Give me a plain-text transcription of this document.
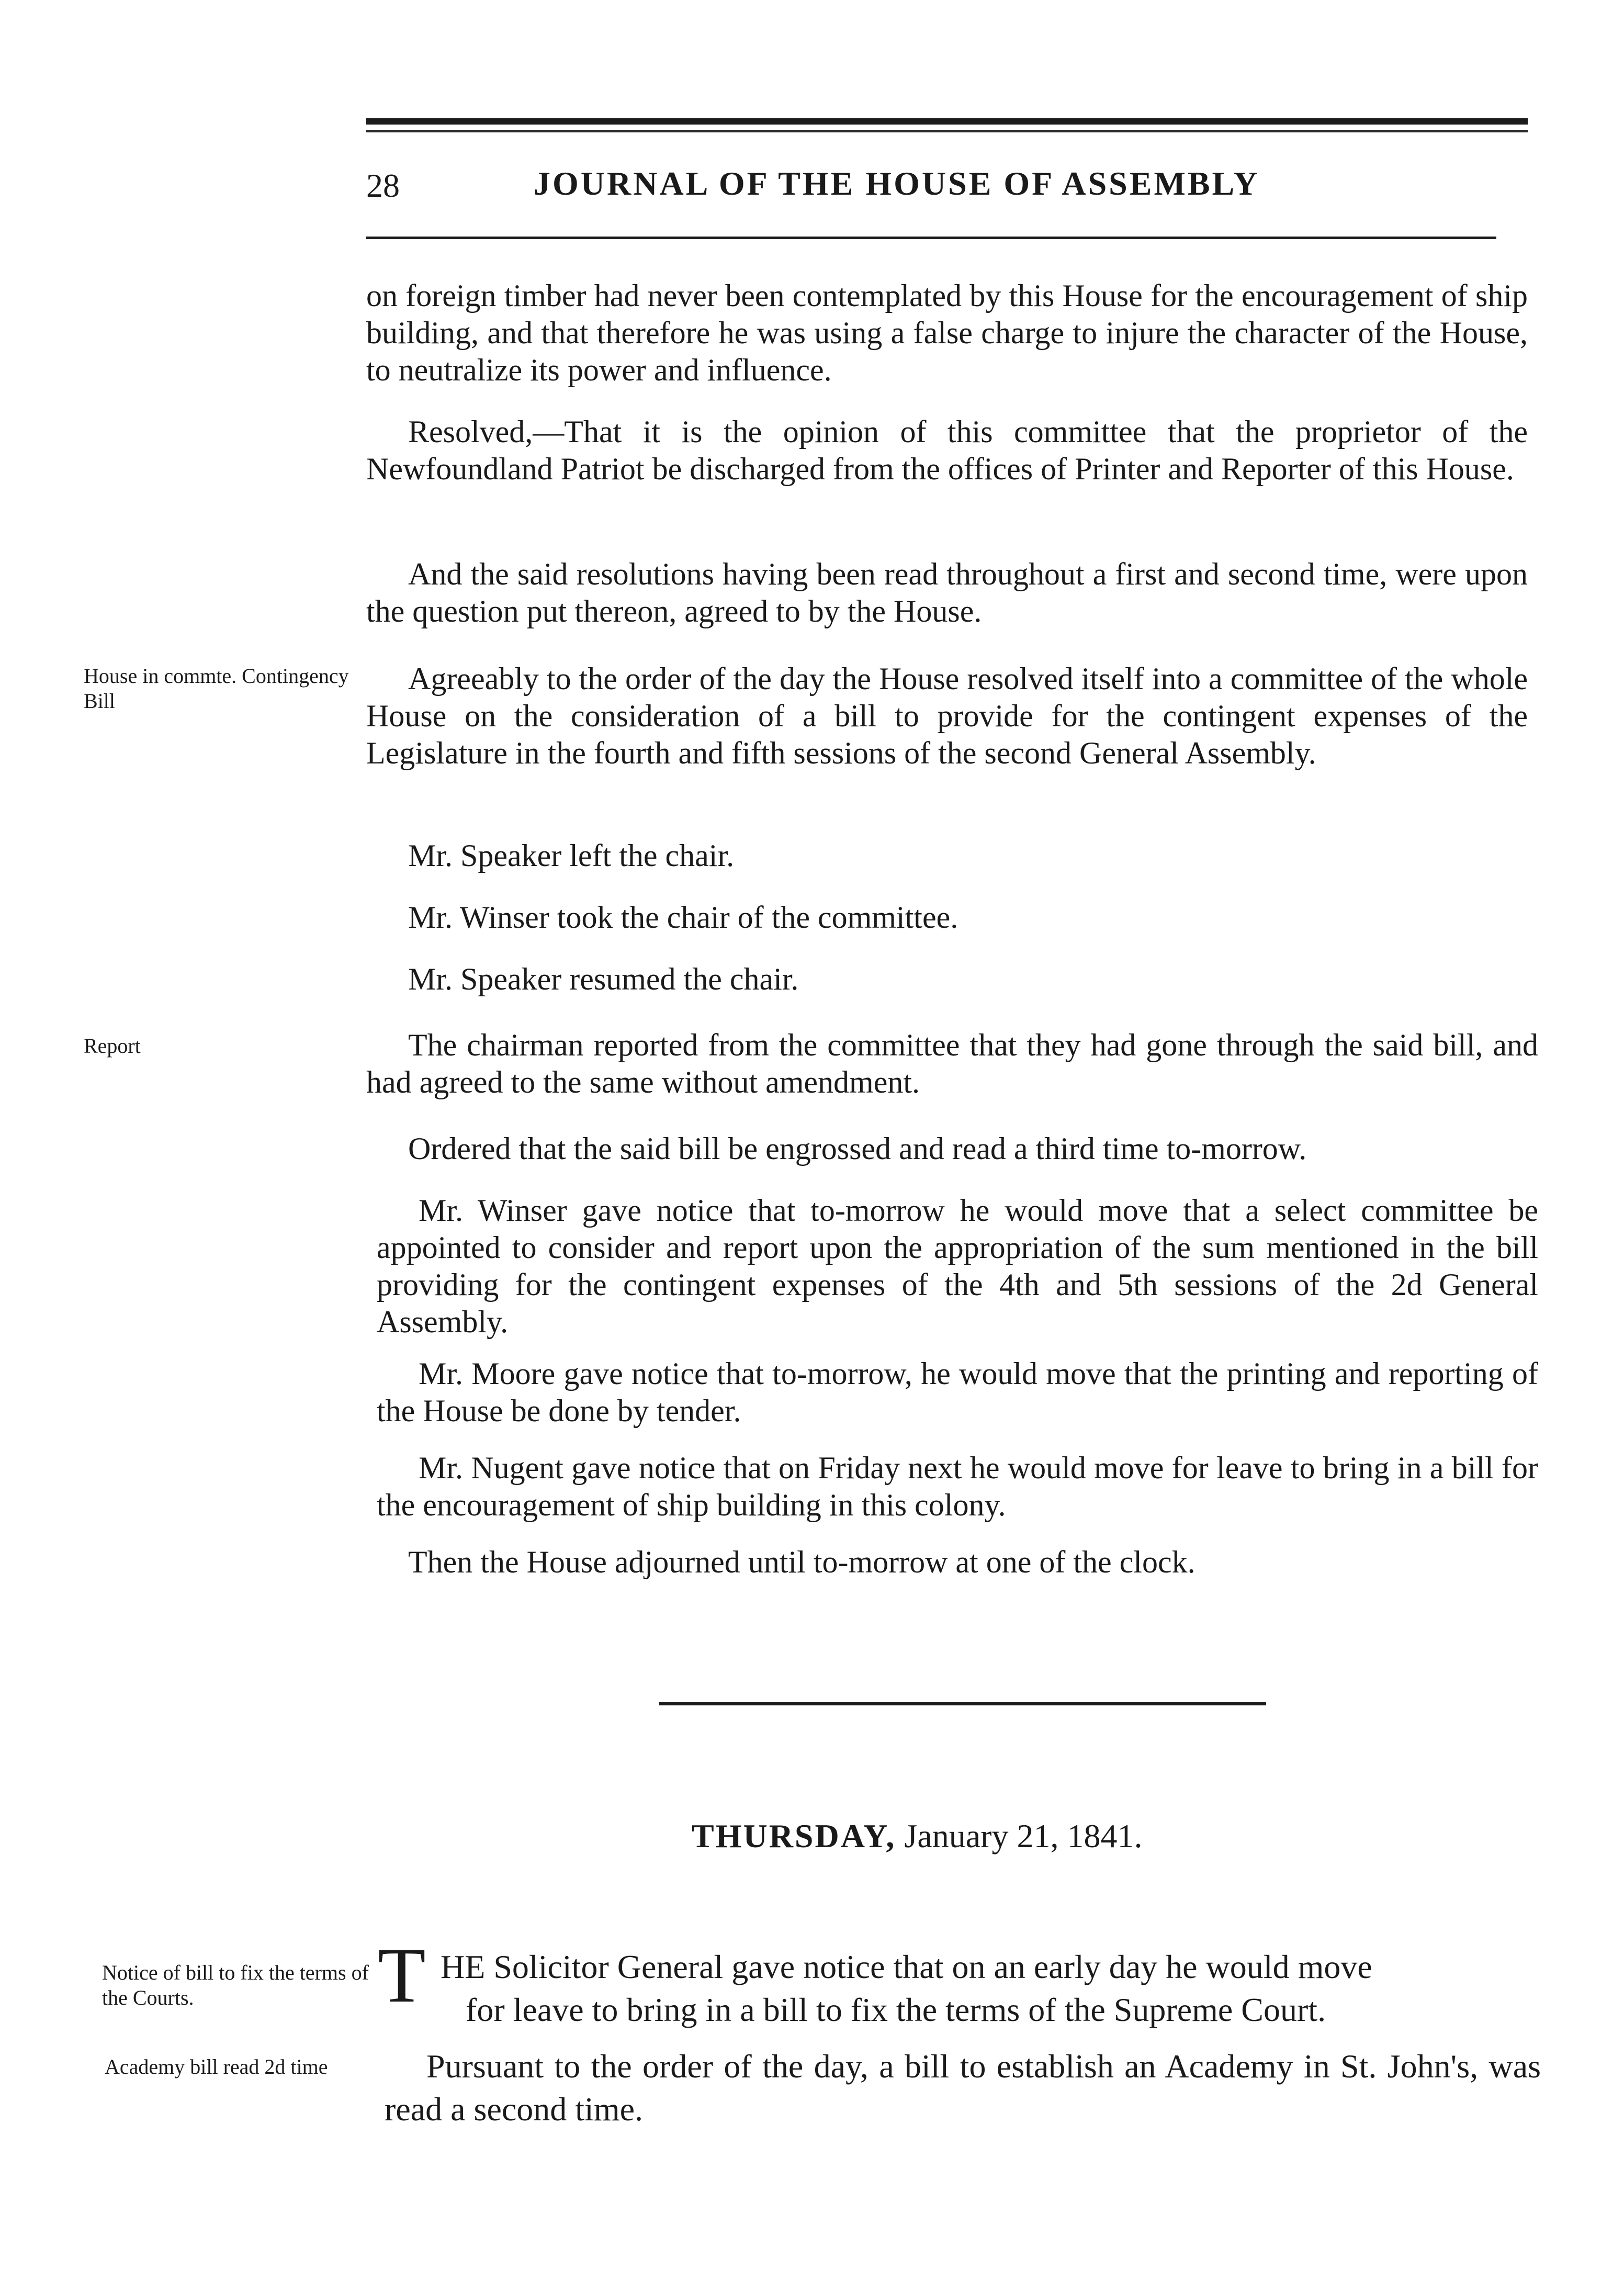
28	JOURNAL OF THE HOUSE OF ASSEMBLY

on foreign timber had never been contemplated by this House for the encouragement of ship building, and that therefore he was using a false charge to injure the character of the House, to neutralize its power and influence.

Resolved,—That it is the opinion of this committee that the proprietor of the Newfoundland Patriot be discharged from the offices of Printer and Reporter of this House.

And the said resolutions having been read throughout a first and second time, were upon the question put thereon, agreed to by the House.

House in commte. Contingency Bill

Agreeably to the order of the day the House resolved itself into a committee of the whole House on the consideration of a bill to provide for the contingent expenses of the Legislature in the fourth and fifth sessions of the second General Assembly.

Mr. Speaker left the chair.
Mr. Winser took the chair of the committee.
Mr. Speaker resumed the chair.
Report	The chairman reported from the committee that they had gone through the said bill, and had agreed to the same without amendment.

Ordered that the said bill be engrossed and read a third time to-morrow.

Mr. Winser gave notice that to-morrow he would move that a select committee be appointed to consider and report upon the appropriation of the sum mentioned in the bill providing for the contingent expenses of the 4th and 5th sessions of the 2d General Assembly.

Mr. Moore gave notice that to-morrow, he would move that the printing and reporting of the House be done by tender.

Mr. Nugent gave notice that on Friday next he would move for leave to bring in a bill for the encouragement of ship building in this colony.

Then the House adjourned until to-morrow at one of the clock.
THURSDAY, January 21, 1841.
Notice of bill to fix the terms of the Courts.	T HE Solicitor General gave notice that on an early day he would move
for leave to bring in a bill to fix the terms of the Supreme Court.
Academy bill read 2d time	Pursuant to the order of the day, a bill to establish an Academy in St. John's, was read a second time.
